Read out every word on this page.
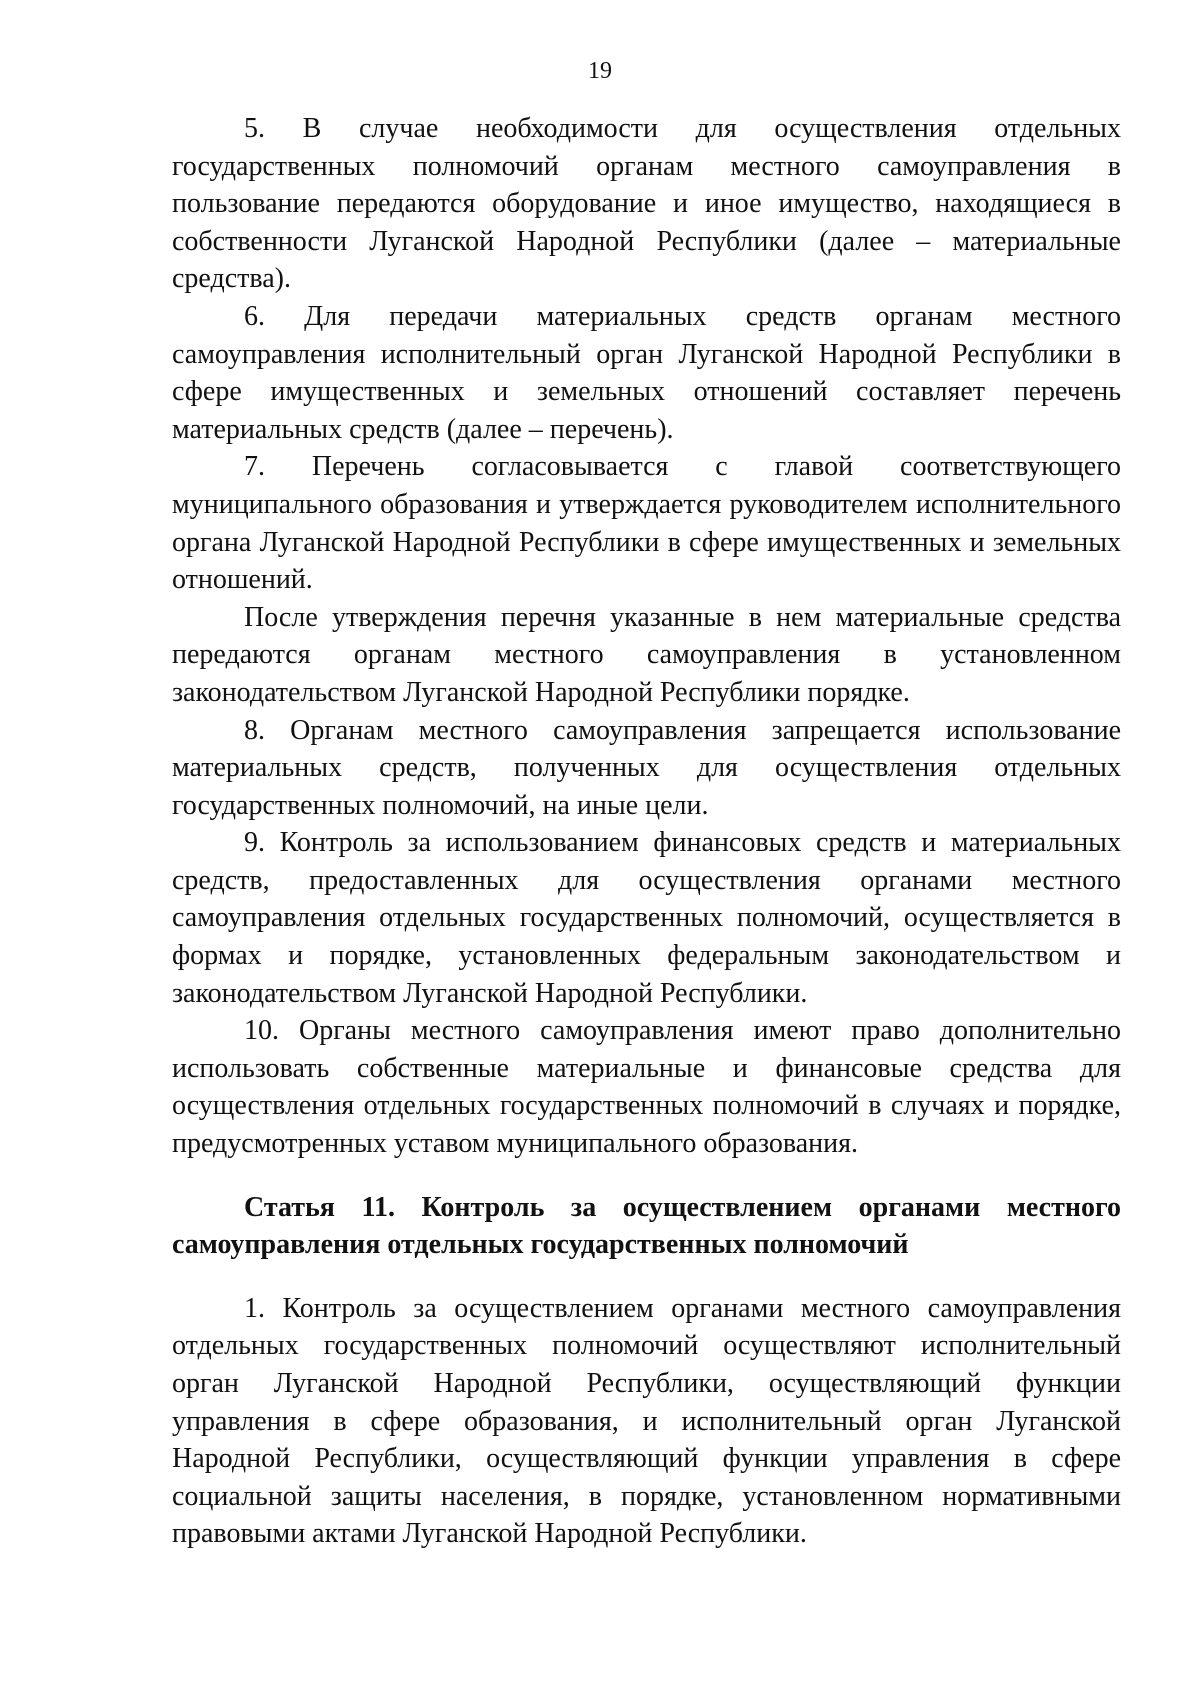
19

5. В случае необходимости для осуществления отдельных государственных полномочий органам местного самоуправления в пользование передаются оборудование и иное имущество, находящиеся в собственности Луганской Народной Республики (далее – материальные средства).

6. Для передачи материальных средств органам местного самоуправления исполнительный орган Луганской Народной Республики в сфере имущественных и земельных отношений составляет перечень материальных средств (далее – перечень).

7. Перечень согласовывается с главой соответствующего муниципального образования и утверждается руководителем исполнительного органа Луганской Народной Республики в сфере имущественных и земельных отношений.

После утверждения перечня указанные в нем материальные средства передаются органам местного самоуправления в установленном законодательством Луганской Народной Республики порядке.

8. Органам местного самоуправления запрещается использование материальных средств, полученных для осуществления отдельных государственных полномочий, на иные цели.

9. Контроль за использованием финансовых средств и материальных средств, предоставленных для осуществления органами местного самоуправления отдельных государственных полномочий, осуществляется в формах и порядке, установленных федеральным законодательством и законодательством Луганской Народной Республики.

10. Органы местного самоуправления имеют право дополнительно использовать собственные материальные и финансовые средства для осуществления отдельных государственных полномочий в случаях и порядке, предусмотренных уставом муниципального образования.

Статья 11. Контроль за осуществлением органами местного самоуправления отдельных государственных полномочий

1. Контроль за осуществлением органами местного самоуправления отдельных государственных полномочий осуществляют исполнительный орган Луганской Народной Республики, осуществляющий функции управления в сфере образования, и исполнительный орган Луганской Народной Республики, осуществляющий функции управления в сфере социальной защиты населения, в порядке, установленном нормативными правовыми актами Луганской Народной Республики.
